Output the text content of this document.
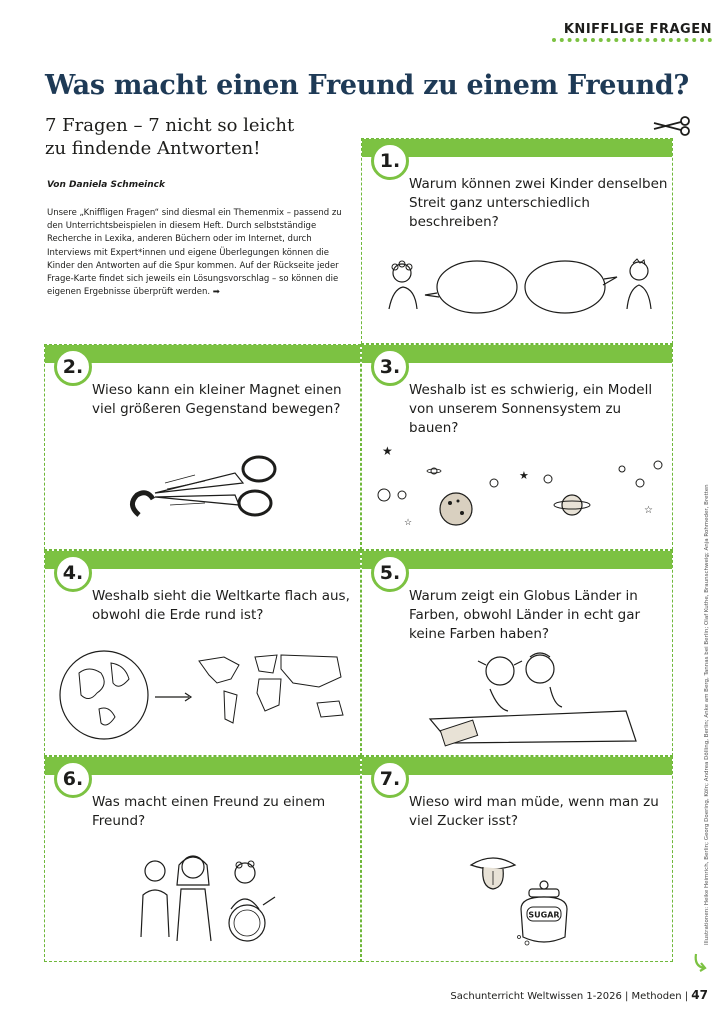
KNIFFLIGE FRAGEN
Was macht einen Freund zu einem Freund?
7 Fragen – 7 nicht so leicht
zu findende Antworten!
Von Daniela Schmeinck
Unsere „Kniffligen Fragen“ sind diesmal ein Themenmix – passend zu den Unterrichtsbeispielen in diesem Heft. Durch selbstständige Recherche in Lexika, anderen Büchern oder im Internet, durch Interviews mit Expert*innen und eigene Überlegungen können die Kinder den Antworten auf die Spur kommen. Auf der Rückseite jeder Frage-Karte findet sich jeweils ein Lösungsvorschlag – so können die eigenen Ergebnisse überprüft werden. ➡
1.
Warum können zwei Kinder denselben Streit ganz unterschiedlich beschreiben?
2.
Wieso kann ein kleiner Magnet einen viel größeren Gegenstand bewegen?
3.
Weshalb ist es schwierig, ein Modell von unserem Sonnensystem zu bauen?
★
★
☆
☆
4.
Weshalb sieht die Weltkarte flach aus, obwohl die Erde rund ist?
5.
Warum zeigt ein Globus Länder in Farben, obwohl Länder in echt gar keine Farben haben?
6.
Was macht einen Freund zu einem Freund?
7.
Wieso wird man müde, wenn man zu viel Zucker isst?
SUGAR	Illustrationen: Heike Heimrich, Berlin; Georg Doering, Köln; Andrea Dölling, Berlin; Anke am Berg, Tannas bei Berlin; Olaf Kuthe, Braunschweig; Anja Rohmeder, Bretten
Sachunterricht Weltwissen 1-2026 | Methoden | 47
